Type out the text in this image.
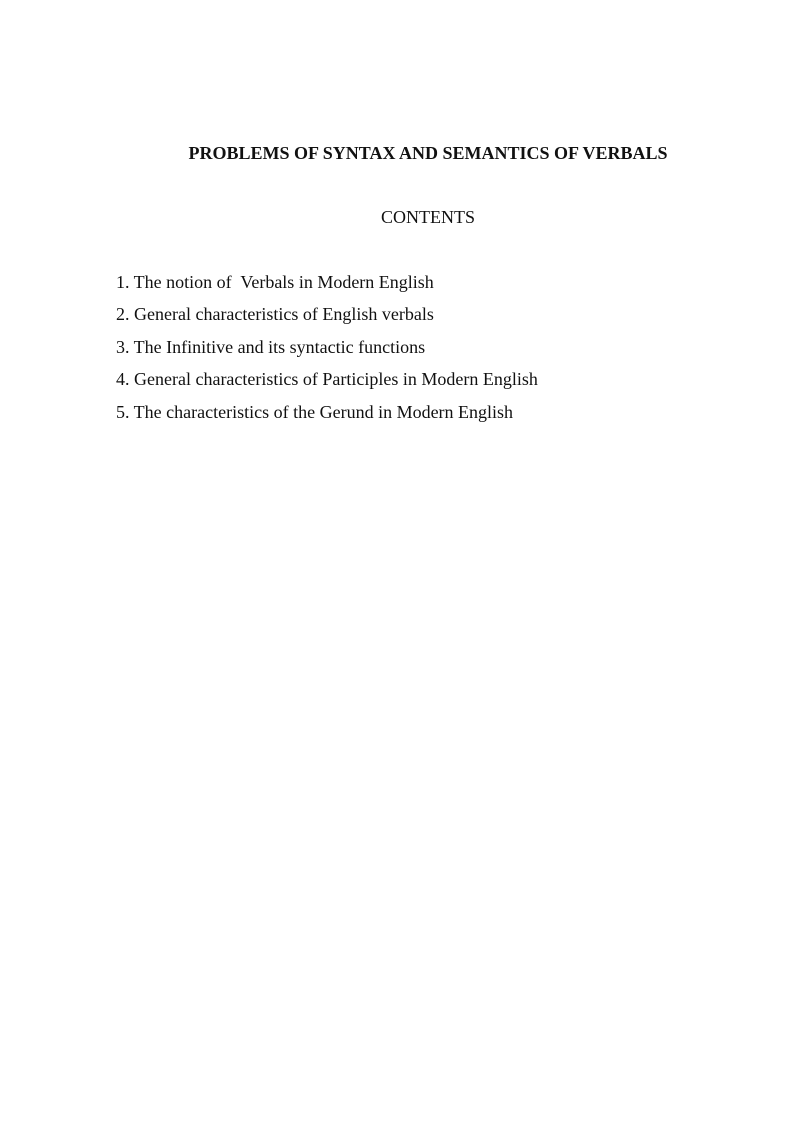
PROBLEMS OF SYNTAX AND SEMANTICS OF VERBALS
CONTENTS
1. The notion of  Verbals in Modern English
2. General characteristics of English verbals
3. The Infinitive and its syntactic functions
4. General characteristics of Participles in Modern English
5. The characteristics of the Gerund in Modern English
